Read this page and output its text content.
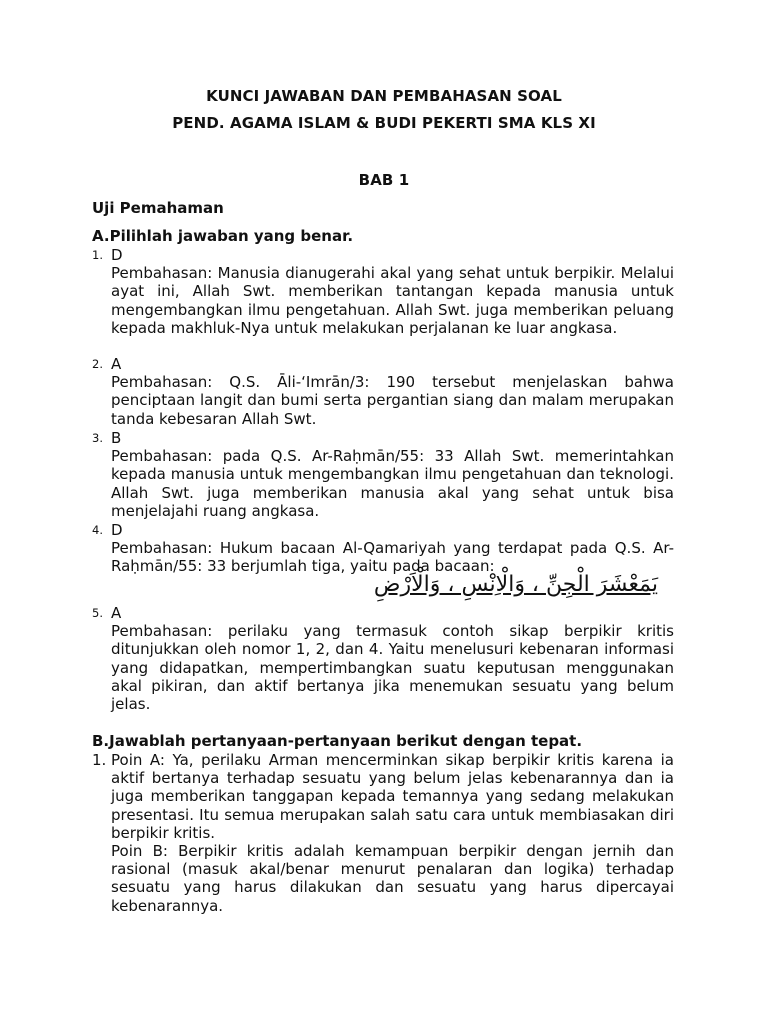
KUNCI JAWABAN DAN PEMBAHASAN SOAL
PEND. AGAMA ISLAM & BUDI PEKERTI SMA KLS XI
BAB 1
Uji Pemahaman
A.Pilihlah jawaban yang benar.
1. D
Pembahasan: Manusia dianugerahi akal yang sehat untuk berpikir. Melalui ayat ini, Allah Swt. memberikan tantangan kepada manusia untuk mengembangkan ilmu pengetahuan. Allah Swt. juga memberikan peluang kepada makhluk-Nya untuk melakukan perjalanan ke luar angkasa.
2. A
Pembahasan: Q.S. Āli-‘Imrān/3: 190 tersebut menjelaskan bahwa penciptaan langit dan bumi serta pergantian siang dan malam merupakan tanda kebesaran Allah Swt.
3. B
Pembahasan: pada Q.S. Ar-Raḥmān/55: 33 Allah Swt. memerintahkan kepada manusia untuk mengembangkan ilmu pengetahuan dan teknologi. Allah Swt. juga memberikan manusia akal yang sehat untuk bisa menjelajahi ruang angkasa.
4. D
Pembahasan: Hukum bacaan Al-Qamariyah yang terdapat pada Q.S. Ar-Raḥmān/55: 33 berjumlah tiga, yaitu pada bacaan:
يَمَعْشَرَ الْجِنِّ ، وَالْاِنْسِ ، وَالْاَرْضِ
5. A
Pembahasan: perilaku yang termasuk contoh sikap berpikir kritis ditunjukkan oleh nomor 1, 2, dan 4. Yaitu menelusuri kebenaran informasi yang didapatkan, mempertimbangkan suatu keputusan menggunakan akal pikiran, dan aktif bertanya jika menemukan sesuatu yang belum jelas.
B.Jawablah pertanyaan-pertanyaan berikut dengan tepat.
1. Poin A: Ya, perilaku Arman mencerminkan sikap berpikir kritis karena ia aktif bertanya terhadap sesuatu yang belum jelas kebenarannya dan ia juga memberikan tanggapan kepada temannya yang sedang melakukan presentasi. Itu semua merupakan salah satu cara untuk membiasakan diri berpikir kritis.
Poin B: Berpikir kritis adalah kemampuan berpikir dengan jernih dan rasional (masuk akal/benar menurut penalaran dan logika) terhadap sesuatu yang harus dilakukan dan sesuatu yang harus dipercayai kebenarannya.
